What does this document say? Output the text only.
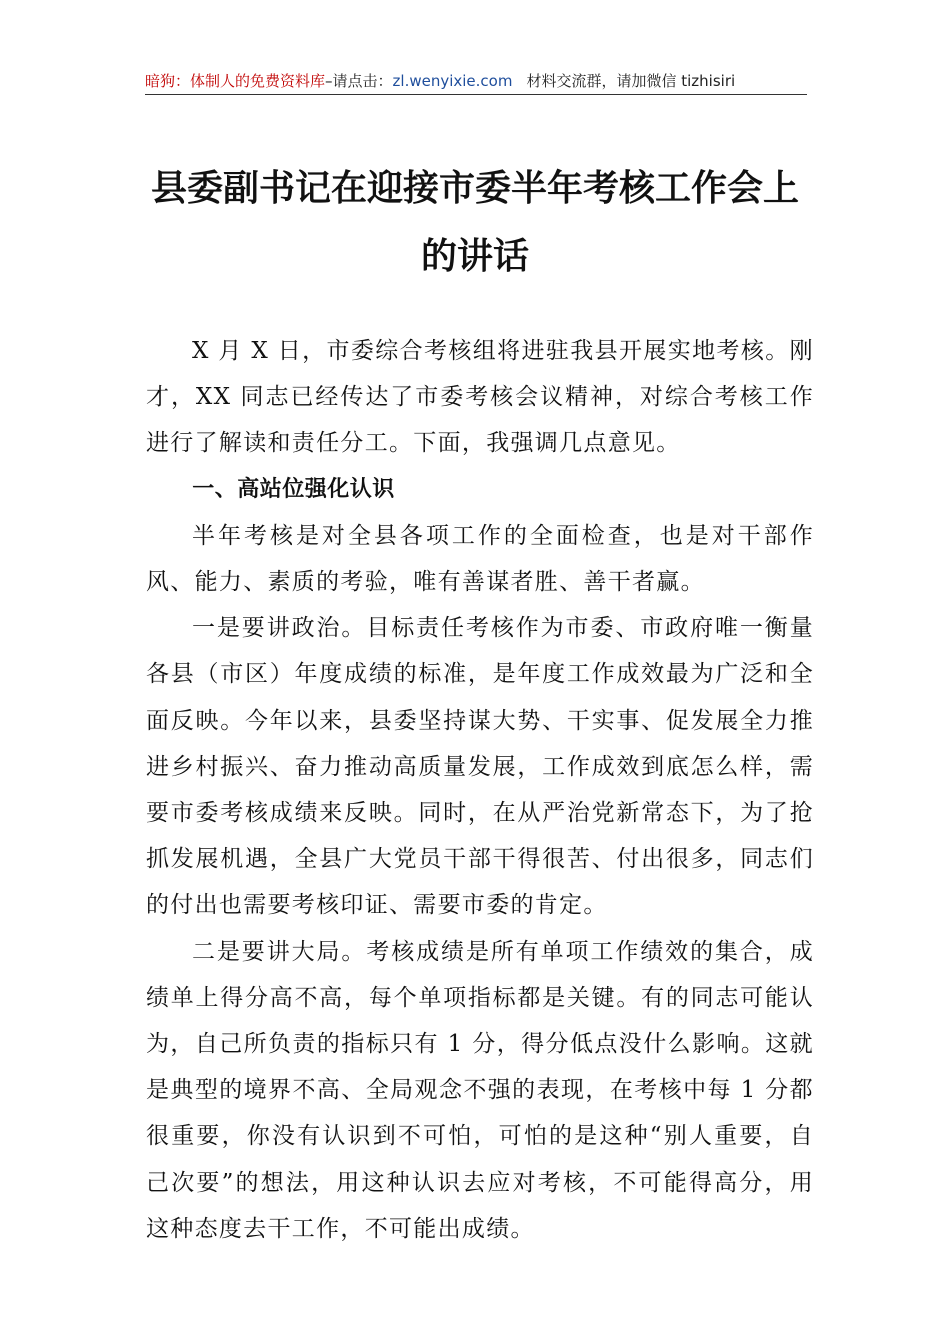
暗狗：体制人的免费资料库–请点击：zl.wenyixie.com 材料交流群，请加微信 tizhisiri
县委副书记在迎接市委半年考核工作会上
的讲话

X 月 X 日，市委综合考核组将进驻我县开展实地考核。刚才，XX 同志已经传达了市委考核会议精神，对综合考核工作进行了解读和责任分工。下面，我强调几点意见。

一、高站位强化认识

半年考核是对全县各项工作的全面检查，也是对干部作风、能力、素质的考验，唯有善谋者胜、善干者赢。

一是要讲政治。目标责任考核作为市委、市政府唯一衡量各县（市区）年度成绩的标准，是年度工作成效最为广泛和全面反映。今年以来，县委坚持谋大势、干实事、促发展全力推进乡村振兴、奋力推动高质量发展，工作成效到底怎么样，需要市委考核成绩来反映。同时，在从严治党新常态下，为了抢抓发展机遇，全县广大党员干部干得很苦、付出很多，同志们的付出也需要考核印证、需要市委的肯定。

二是要讲大局。考核成绩是所有单项工作绩效的集合，成绩单上得分高不高，每个单项指标都是关键。有的同志可能认为，自己所负责的指标只有 1 分，得分低点没什么影响。这就是典型的境界不高、全局观念不强的表现，在考核中每 1 分都很重要，你没有认识到不可怕，可怕的是这种“别人重要，自己次要”的想法，用这种认识去应对考核，不可能得高分，用这种态度去干工作，不可能出成绩。
